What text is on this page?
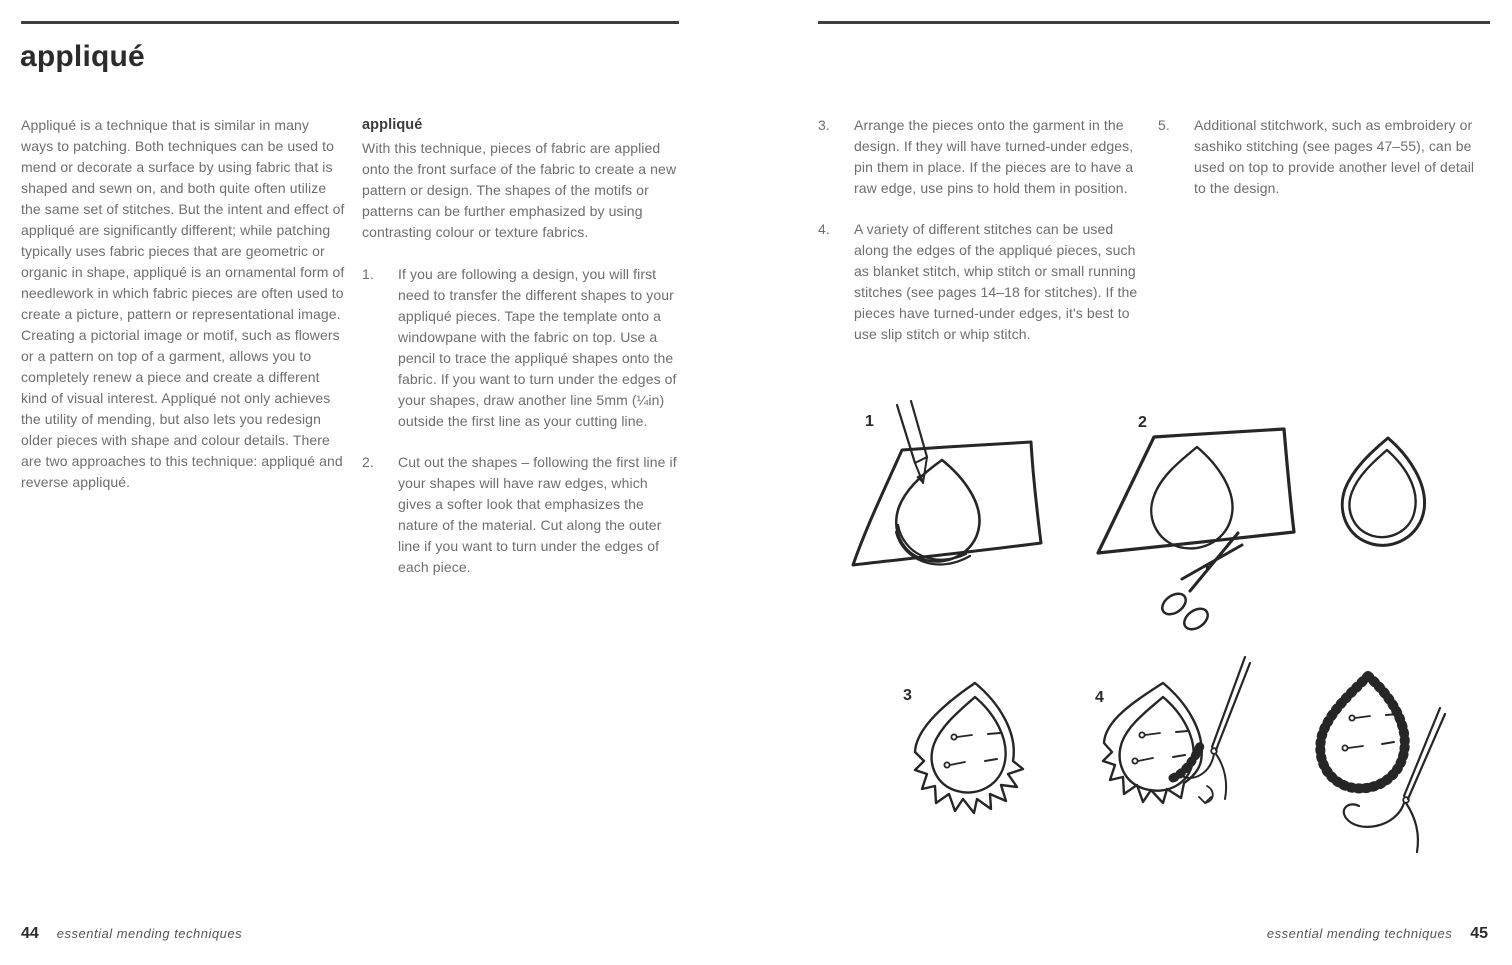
appliqué

Appliqué is a technique that is similar in many ways to patching. Both techniques can be used to mend or decorate a surface by using fabric that is shaped and sewn on, and both quite often utilize the same set of stitches. But the intent and effect of appliqué are significantly different; while patching typically uses fabric pieces that are geometric or organic in shape, appliqué is an ornamental form of needlework in which fabric pieces are often used to create a picture, pattern or representational image. Creating a pictorial image or motif, such as flowers or a pattern on top of a garment, allows you to completely renew a piece and create a different kind of visual interest. Appliqué not only achieves the utility of mending, but also lets you redesign older pieces with shape and colour details. There are two approaches to this technique: appliqué and reverse appliqué.

appliqué

With this technique, pieces of fabric are applied onto the front surface of the fabric to create a new pattern or design. The shapes of the motifs or patterns can be further emphasized by using contrasting colour or texture fabrics.

1.	If you are following a design, you will first need to transfer the different shapes to your appliqué pieces. Tape the template onto a windowpane with the fabric on top. Use a pencil to trace the appliqué shapes onto the fabric. If you want to turn under the edges of your shapes, draw another line 5mm (¼in) outside the first line as your cutting line.
2.	Cut out the shapes – following the first line if your shapes will have raw edges, which gives a softer look that emphasizes the nature of the material. Cut along the outer line if you want to turn under the edges of each piece.
3.	Arrange the pieces onto the garment in the design. If they will have turned-under edges, pin them in place. If the pieces are to have a raw edge, use pins to hold them in position.
4.	A variety of different stitches can be used along the edges of the appliqué pieces, such as blanket stitch, whip stitch or small running stitches (see pages 14–18 for stitches). If the pieces have turned-under edges, it's best to use slip stitch or whip stitch.
5.	Additional stitchwork, such as embroidery or sashiko stitching (see pages 47–55), can be used on top to provide another level of detail to the design.
1	2
3	4
44 essential mending techniques	essential mending techniques 45
